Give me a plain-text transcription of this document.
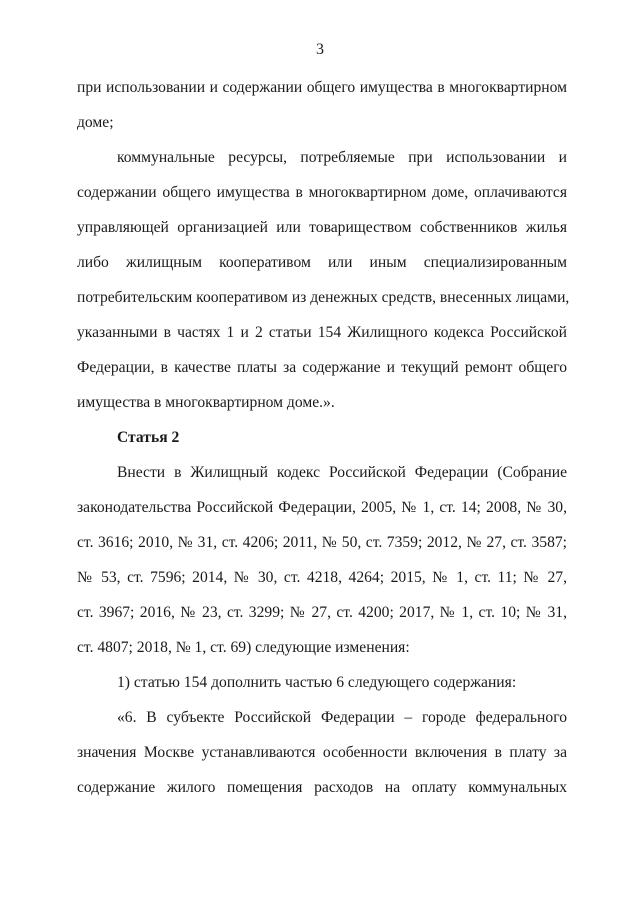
3
при использовании и содержании общего имущества в многоквартирном
доме;
коммунальные ресурсы, потребляемые при использовании и
содержании общего имущества в многоквартирном доме, оплачиваются
управляющей организацией или товариществом собственников жилья
либо жилищным кооперативом или иным специализированным
потребительским кооперативом из денежных средств, внесенных лицами,
указанными в частях 1 и 2 статьи 154 Жилищного кодекса Российской
Федерации, в качестве платы за содержание и текущий ремонт общего
имущества в многоквартирном доме.».
Статья 2
Внести в Жилищный кодекс Российской Федерации (Собрание
законодательства Российской Федерации, 2005, № 1, ст. 14; 2008, № 30,
ст. 3616; 2010, № 31, ст. 4206; 2011, № 50, ст. 7359; 2012, № 27, ст. 3587;
№ 53, ст. 7596; 2014, № 30, ст. 4218, 4264; 2015, № 1, ст. 11; № 27,
ст. 3967; 2016, № 23, ст. 3299; № 27, ст. 4200; 2017, № 1, ст. 10; № 31,
ст. 4807; 2018, № 1, ст. 69) следующие изменения:
1) статью 154 дополнить частью 6 следующего содержания:
«6. В субъекте Российской Федерации – городе федерального
значения Москве устанавливаются особенности включения в плату за
содержание жилого помещения расходов на оплату коммунальных
